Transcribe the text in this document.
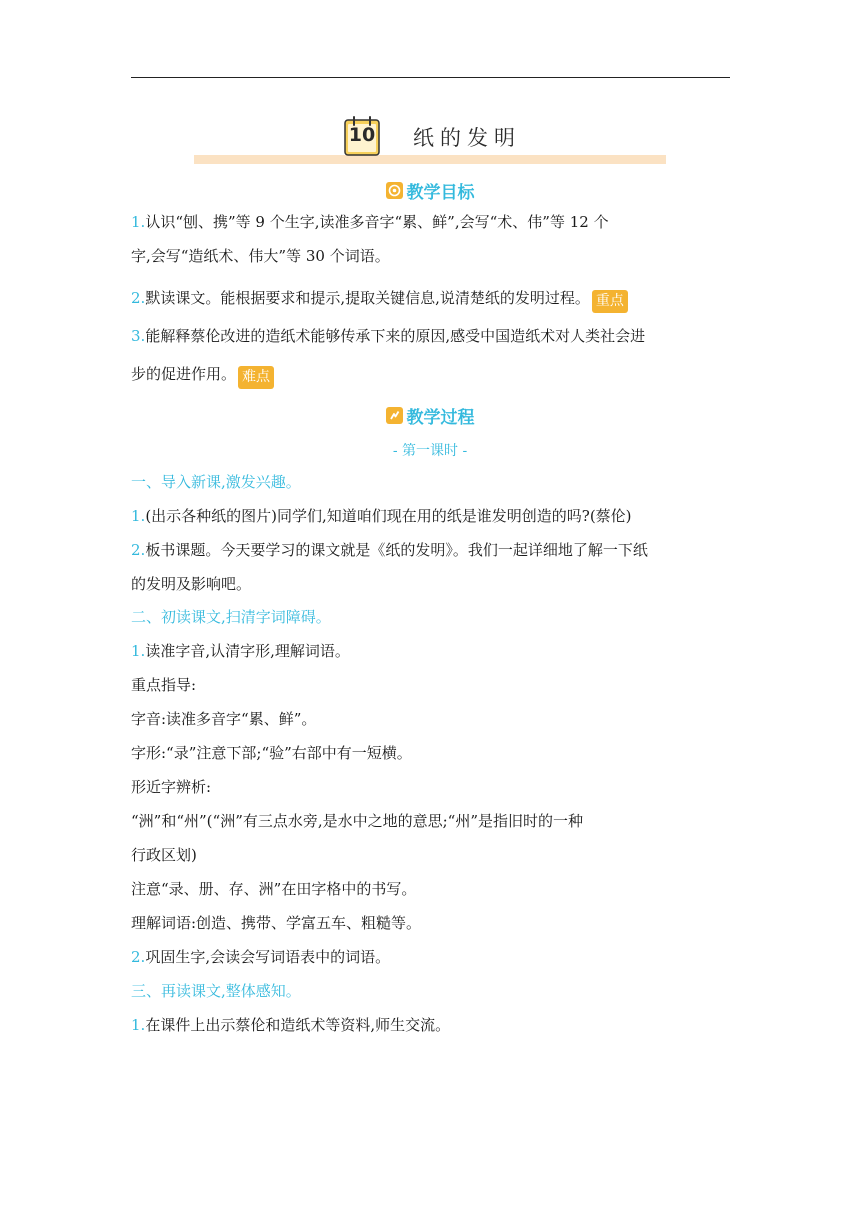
10	纸的发明
教学目标
1.认识“刨、携”等 9 个生字,读准多音字“累、鲜”,会写“术、伟”等 12 个
字,会写“造纸术、伟大”等 30 个词语。
2.默读课文。能根据要求和提示,提取关键信息,说清楚纸的发明过程。 重点
3.能解释蔡伦改进的造纸术能够传承下来的原因,感受中国造纸术对人类社会进
步的促进作用。 难点
教学过程
- 第一课时 -
一、导入新课,激发兴趣。
1.(出示各种纸的图片)同学们,知道咱们现在用的纸是谁发明创造的吗?(蔡伦)
2.板书课题。今天要学习的课文就是《纸的发明》。我们一起详细地了解一下纸
的发明及影响吧。
二、初读课文,扫清字词障碍。
1.读准字音,认清字形,理解词语。
重点指导:
字音:读准多音字“累、鲜”。
字形:“录”注意下部;“验”右部中有一短横。
形近字辨析:
“洲”和“州”(“洲”有三点水旁,是水中之地的意思;“州”是指旧时的一种
行政区划)
注意“录、册、存、洲”在田字格中的书写。
理解词语:创造、携带、学富五车、粗糙等。
2.巩固生字,会读会写词语表中的词语。
三、再读课文,整体感知。
1.在课件上出示蔡伦和造纸术等资料,师生交流。
